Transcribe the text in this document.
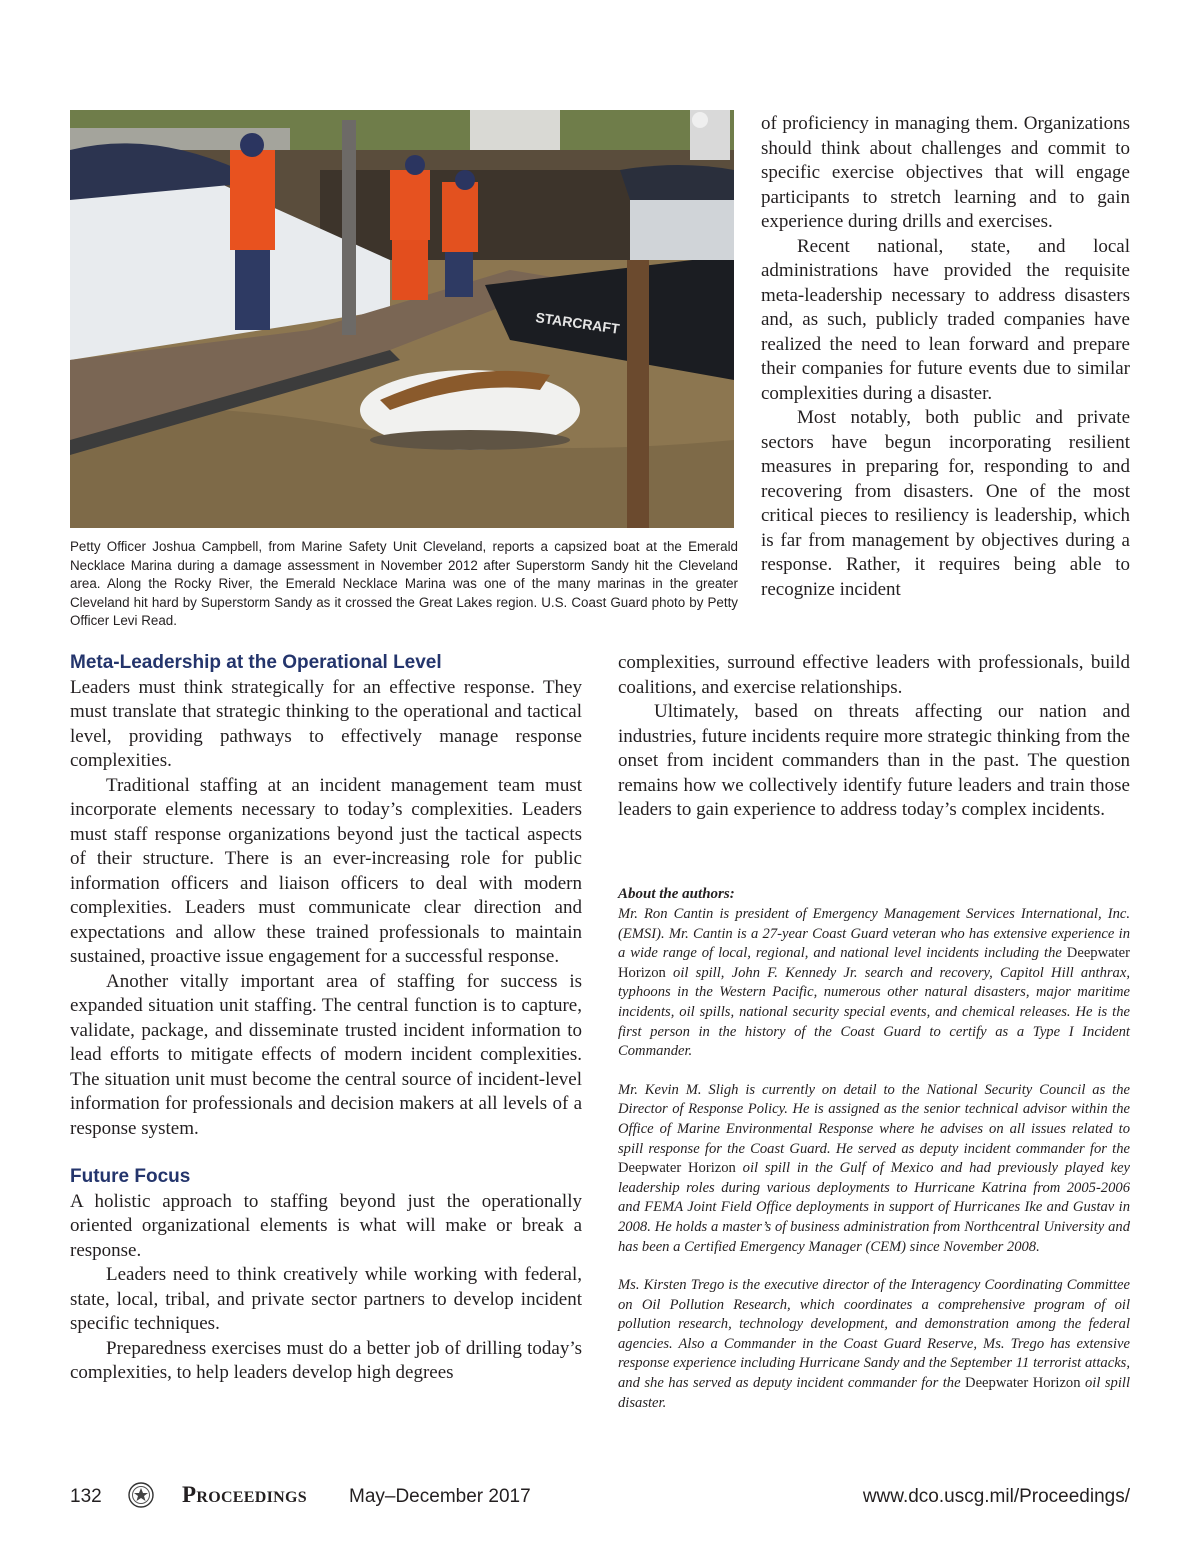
STARCRAFT

Petty Officer Joshua Campbell, from Marine Safety Unit Cleveland, reports a capsized boat at the Emerald Necklace Marina during a damage assessment in November 2012 after Superstorm Sandy hit the Cleveland area. Along the Rocky River, the Emerald Necklace Marina was one of the many marinas in the greater Cleveland hit hard by Superstorm Sandy as it crossed the Great Lakes region. U.S. Coast Guard photo by Petty Officer Levi Read.

of proficiency in managing them. Organizations should think about challenges and commit to specific exercise objectives that will engage participants to stretch learning and to gain experience during drills and exercises.

Recent national, state, and local administrations have provided the requisite meta-leadership necessary to address disasters and, as such, publicly traded companies have realized the need to lean forward and prepare their companies for future events due to similar complexities during a disaster.

Most notably, both public and private sectors have begun incorporating resilient measures in preparing for, responding to and recovering from disasters. One of the most critical pieces to resiliency is leadership, which is far from management by objectives during a response. Rather, it requires being able to recognize incident

complexities, surround effective leaders with professionals, build coalitions, and exercise relationships.

Ultimately, based on threats affecting our nation and industries, future incidents require more strategic thinking from the onset from incident commanders than in the past. The question remains how we collectively identify future leaders and train those leaders to gain experience to address today’s complex incidents.

Meta-Leadership at the Operational Level

Leaders must think strategically for an effective response. They must translate that strategic thinking to the operational and tactical level, providing pathways to effectively manage response complexities.

Traditional staffing at an incident management team must incorporate elements necessary to today’s complexities. Leaders must staff response organizations beyond just the tactical aspects of their structure. There is an ever-increasing role for public information officers and liaison officers to deal with modern complexities. Leaders must communicate clear direction and expectations and allow these trained professionals to maintain sustained, proactive issue engagement for a successful response.

Another vitally important area of staffing for success is expanded situation unit staffing. The central function is to capture, validate, package, and disseminate trusted incident information to lead efforts to mitigate effects of modern incident complexities. The situation unit must become the central source of incident-level information for professionals and decision makers at all levels of a response system.

Future Focus

A holistic approach to staffing beyond just the operationally oriented organizational elements is what will make or break a response.

Leaders need to think creatively while working with federal, state, local, tribal, and private sector partners to develop incident specific techniques.

Preparedness exercises must do a better job of drilling today’s complexities, to help leaders develop high degrees

About the authors:

Mr. Ron Cantin is president of Emergency Management Services International, Inc. (EMSI). Mr. Cantin is a 27-year Coast Guard veteran who has extensive experience in a wide range of local, regional, and national level incidents including the Deepwater Horizon oil spill, John F. Kennedy Jr. search and recovery, Capitol Hill anthrax, typhoons in the Western Pacific, numerous other natural disasters, major maritime incidents, oil spills, national security special events, and chemical releases. He is the first person in the history of the Coast Guard to certify as a Type I Incident Commander.

Mr. Kevin M. Sligh is currently on detail to the National Security Council as the Director of Response Policy. He is assigned as the senior technical advisor within the Office of Marine Environmental Response where he advises on all issues related to spill response for the Coast Guard. He served as deputy incident commander for the Deepwater Horizon oil spill in the Gulf of Mexico and had previously played key leadership roles during various deployments to Hurricane Katrina from 2005-2006 and FEMA Joint Field Office deployments in support of Hurricanes Ike and Gustav in 2008. He holds a master’s of business administration from Northcentral University and has been a Certified Emergency Manager (CEM) since November 2008.

Ms. Kirsten Trego is the executive director of the Interagency Coordinating Committee on Oil Pollution Research, which coordinates a comprehensive program of oil pollution research, technology development, and demonstration among the federal agencies. Also a Commander in the Coast Guard Reserve, Ms. Trego has extensive response experience including Hurricane Sandy and the September 11 terrorist attacks, and she has served as deputy incident commander for the Deepwater Horizon oil spill disaster.

132	Proceedings May–December 2017	www.dco.uscg.mil/Proceedings/
